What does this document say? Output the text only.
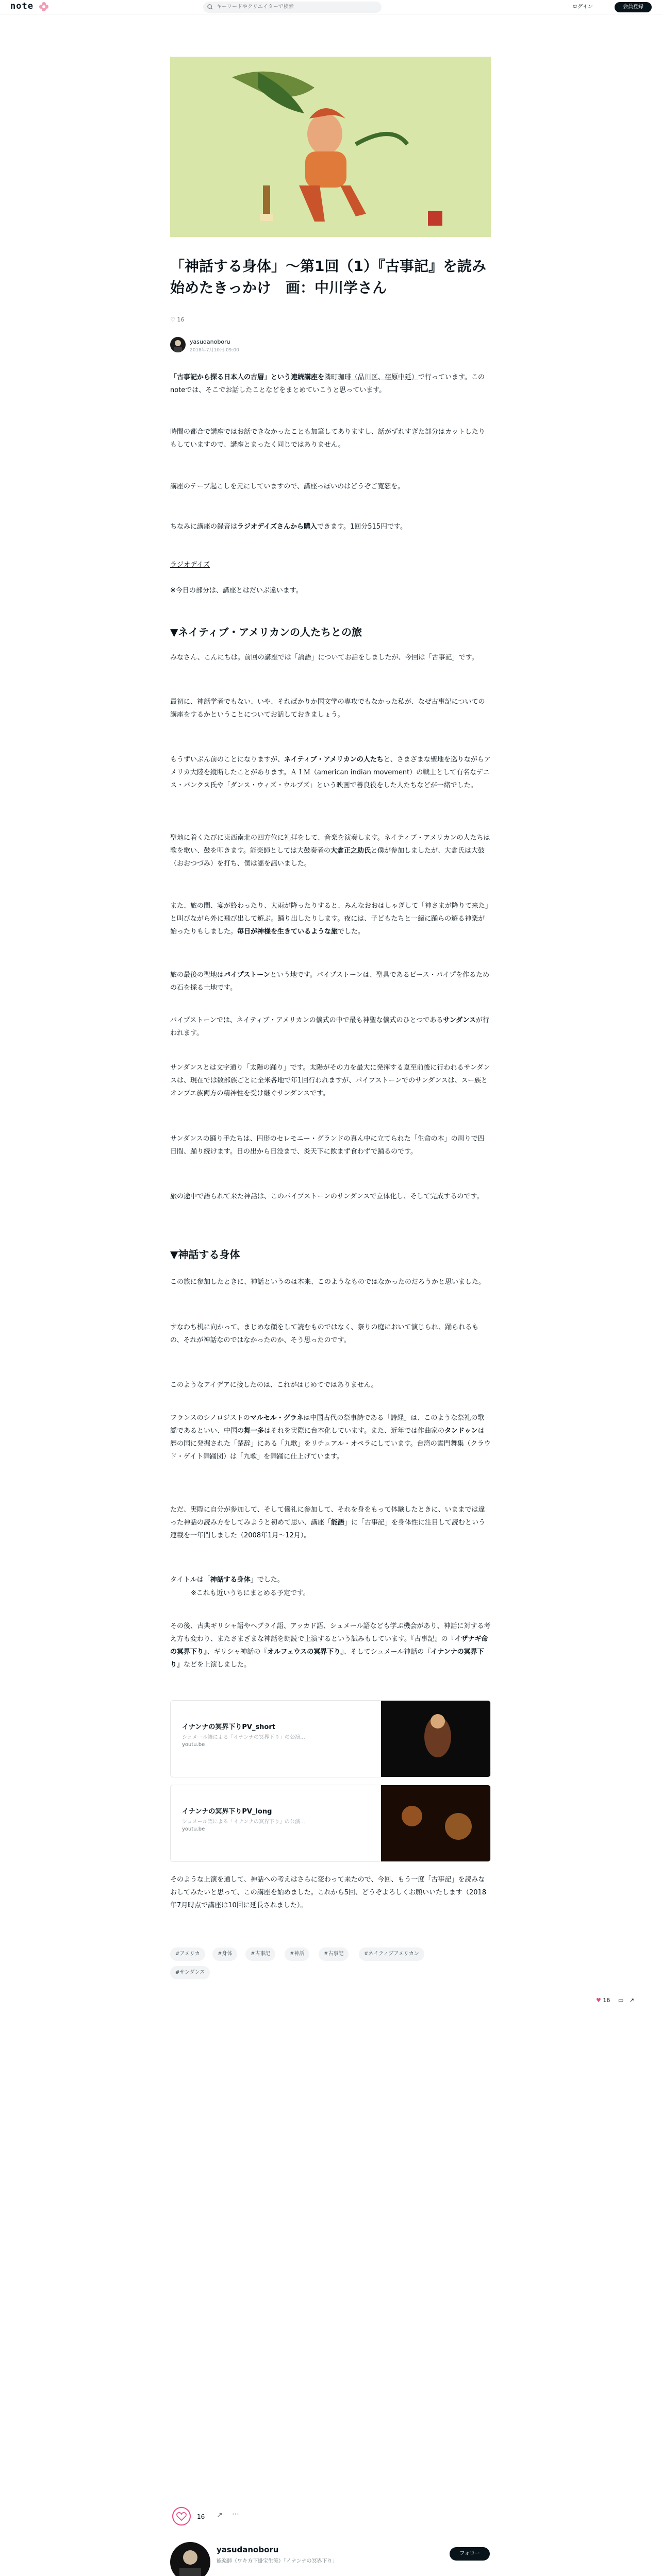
note
キーワードやクリエイターで検索	ログイン	会員登録
「神話する身体」〜第1回（1）『古事記』を読み始めたきっかけ　画：中川学さん
♡ 16
yasudanoboru
2018年7月10日 09:00
「古事記から探る日本人の古層」という連続講座を隣町珈琲（品川区、荏原中延）で行っています。このnoteでは、そこでお話したことなどをまとめていこうと思っています。
時間の都合で講座ではお話できなかったことも加筆してありますし、話がずれすぎた部分はカットしたりもしていますので、講座とまったく同じではありません。
講座のテープ起こしを元にしていますので、講座っぽいのはどうぞご寛恕を。
ちなみに講座の録音はラジオデイズさんから購入できます。1回分515円です。
ラジオデイズ
※今日の部分は、講座とはだいぶ違います。
▼ネイティブ・アメリカンの人たちとの旅
みなさん、こんにちは。前回の講座では「論語」についてお話をしましたが、今回は「古事記」です。
最初に、神話学者でもない、いや、そればかりか国文学の専攻でもなかった私が、なぜ古事記についての講座をするかということについてお話しておきましょう。
もうずいぶん前のことになりますが、ネイティブ・アメリカンの人たちと、さまざまな聖地を巡りながらアメリカ大陸を縦断したことがあります。ＡＩＭ（american indian movement）の戦士として有名なデニス・バンクス氏や「ダンス・ウィズ・ウルブズ」という映画で善良役をした人たちなどが一緒でした。
聖地に着くたびに東西南北の四方位に礼拝をして、音楽を演奏します。ネイティブ・アメリカンの人たちは歌を歌い、鼓を叩きます。能楽師としては大鼓奏者の大倉正之助氏と僕が参加しましたが、大倉氏は大鼓（おおつづみ）を打ち、僕は謡を謡いました。
また、旅の間、宴が終わったり、大雨が降ったりすると、みんなおおはしゃぎして「神さまが降りて来た」と叫びながら外に飛び出して遊ぶ。踊り出したりします。夜には、子どもたちと一緒に踊らの遊る神楽が始ったりもしました。毎日が神様を生きているような旅でした。
旅の最後の聖地はパイプストーンという地です。パイプストーンは、聖具であるピース・パイプを作るための石を採る土地です。
パイプストーンでは、ネイティブ・アメリカンの儀式の中で最も神聖な儀式のひとつであるサンダンスが行われます。
サンダンスとは文字通り「太陽の踊り」です。太陽がその力を最大に発揮する夏至前後に行われるサンダンスは、現在では数部族ごとに全米各地で年1回行われますが、パイプストーンでのサンダンスは、スー族とオンブエ族両方の精神性を受け継ぐサンダンスです。
サンダンスの踊り手たちは、円形のセレモニー・グランドの真ん中に立てられた「生命の木」の周りで四日間、踊り続けます。日の出から日没まで、炎天下に飲まず食わずで踊るのです。
旅の途中で語られて来た神話は、このパイプストーンのサンダンスで立体化し、そして完成するのです。
▼神話する身体
この旅に参加したときに、神話というのは本来、このようなものではなかったのだろうかと思いました。
すなわち机に向かって、まじめな顔をして読むものではなく、祭りの庭において演じられ、踊られるもの、それが神話なのではなかったのか、そう思ったのです。
このようなアイデアに接したのは、これがはじめてではありません。
フランスのシノロジストのマルセル・グラネは中国古代の祭事詩である「詩経」は、このような祭礼の歌謡であるといい、中国の舞一多はそれを実際に台本化しています。また、近年では作曲家のタンドゥンは歴の国に発掘された「楚辞」にある「九歌」をリチュアル・オペラにしています。台湾の雲門舞集（クラウド・ゲイト舞踊団）は「九歌」を舞踊に仕上げています。
ただ、実際に自分が参加して、そして儀礼に参加して、それを身をもって体験したときに、いままでは違った神話の読み方をしてみようと初めて思い、講座「能語」に「古事記」を身体性に注目して読むという連載を一年間しました（2008年1月〜12月）。
タイトルは「神話する身体」でした。
※これも近いうちにまとめる予定です。
その後、古典ギリシャ語やヘブライ語、アッカド語、シュメール語なども学ぶ機会があり、神話に対する考え方も変わり、またさまざまな神話を朗読で上演するという試みもしています。『古事記』の『イザナギ命の冥界下り』、ギリシャ神話の『オルフェウスの冥界下り』、そしてシュメール神話の『イナンナの冥界下り』などを上演しました。
イナンナの冥界下りPV_short
シュメール語による「イナンナの冥界下り」の公演...
youtu.be
イナンナの冥界下りPV_long
シュメール語による「イナンナの冥界下り」の公演...
youtu.be
そのような上演を通して、神話への考えはさらに変わって来たので、今回、もう一度「古事記」を読みなおしてみたいと思って、この講座を始めました。これから5回、どうぞよろしくお願いいたします（2018年7月時点で講座は10回に延長されました）。
#アメリカ	#身体	#古事記	#神話	#古事記	#ネイティブアメリカン
#サンダンス
♥ 16 ▭ ↗
16 ↗ ⋯
yasudanoboru
能楽師（ワキ方下掛宝生流）「イナンナの冥界下り」
フォロー
